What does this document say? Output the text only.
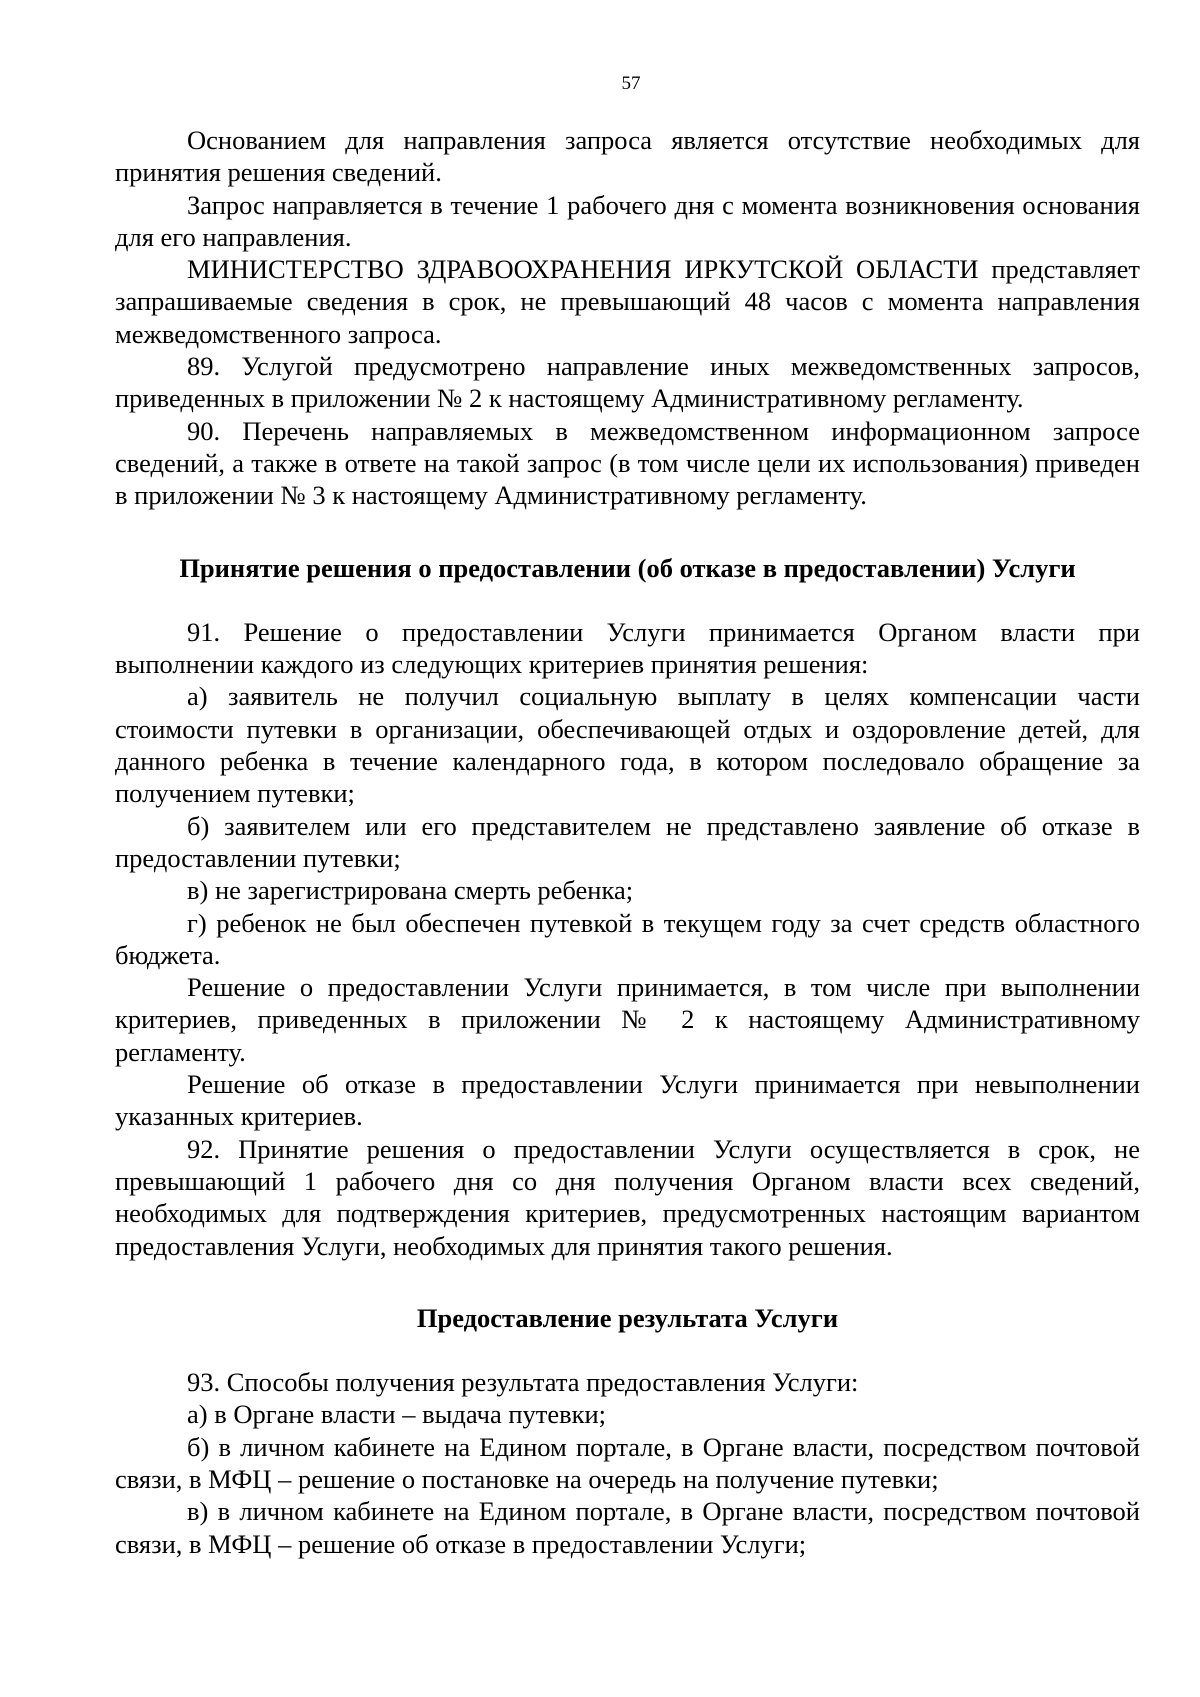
57

Основанием для направления запроса является отсутствие необходимых для принятия решения сведений.

Запрос направляется в течение 1 рабочего дня с момента возникновения основания для его направления.

МИНИСТЕРСТВО ЗДРАВООХРАНЕНИЯ ИРКУТСКОЙ ОБЛАСТИ представляет запрашиваемые сведения в срок, не превышающий 48 часов с момента направления межведомственного запроса.

89. Услугой предусмотрено направление иных межведомственных запросов, приведенных в приложении № 2 к настоящему Административному регламенту.

90. Перечень направляемых в межведомственном информационном запросе сведений, а также в ответе на такой запрос (в том числе цели их использования) приведен в приложении № 3 к настоящему Административному регламенту.

Принятие решения о предоставлении (об отказе в предоставлении) Услуги

91. Решение о предоставлении Услуги принимается Органом власти при выполнении каждого из следующих критериев принятия решения:

а) заявитель не получил социальную выплату в целях компенсации части стоимости путевки в организации, обеспечивающей отдых и оздоровление детей, для данного ребенка в течение календарного года, в котором последовало обращение за получением путевки;

б) заявителем или его представителем не представлено заявление об отказе в предоставлении путевки;

в) не зарегистрирована смерть ребенка;

г) ребенок не был обеспечен путевкой в текущем году за счет средств областного бюджета.

Решение о предоставлении Услуги принимается, в том числе при выполнении критериев, приведенных в приложении № 2 к настоящему Административному регламенту.

Решение об отказе в предоставлении Услуги принимается при невыполнении указанных критериев.

92. Принятие решения о предоставлении Услуги осуществляется в срок, не превышающий 1 рабочего дня со дня получения Органом власти всех сведений, необходимых для подтверждения критериев, предусмотренных настоящим вариантом предоставления Услуги, необходимых для принятия такого решения.

Предоставление результата Услуги

93. Способы получения результата предоставления Услуги:

а) в Органе власти – выдача путевки;

б) в личном кабинете на Едином портале, в Органе власти, посредством почтовой связи, в МФЦ – решение о постановке на очередь на получение путевки;

в) в личном кабинете на Едином портале, в Органе власти, посредством почтовой связи, в МФЦ – решение об отказе в предоставлении Услуги;
